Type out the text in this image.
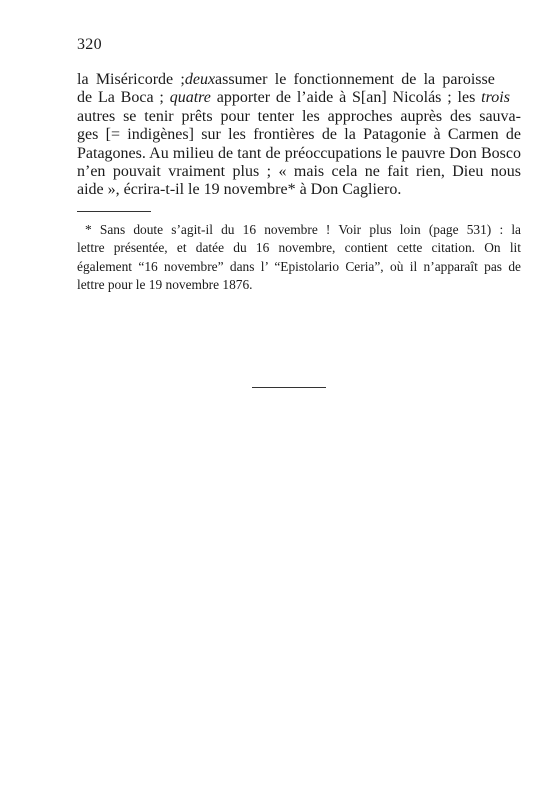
320
la Miséricorde ;deuxassumer le fonctionnement de la paroisse
de La Boca ; quatre apporter de l’aide à S[an] Nicolás ; les trois
autres se tenir prêts pour tenter les approches auprès des sauva-
ges [= indigènes] sur les frontières de la Patagonie à Carmen de
Patagones. Au milieu de tant de préoccupations le pauvre Don Bosco
n’en pouvait vraiment plus ; « mais cela ne fait rien, Dieu nous
aide », écrira-t-il le 19 novembre* à Don Cagliero.
* Sans doute s’agit-il du 16 novembre ! Voir plus loin (page 531) : la
lettre présentée, et datée du 16 novembre, contient cette citation. On lit
également “16 novembre” dans l’ “Epistolario Ceria”, où il n’apparaît pas de
lettre pour le 19 novembre 1876.
